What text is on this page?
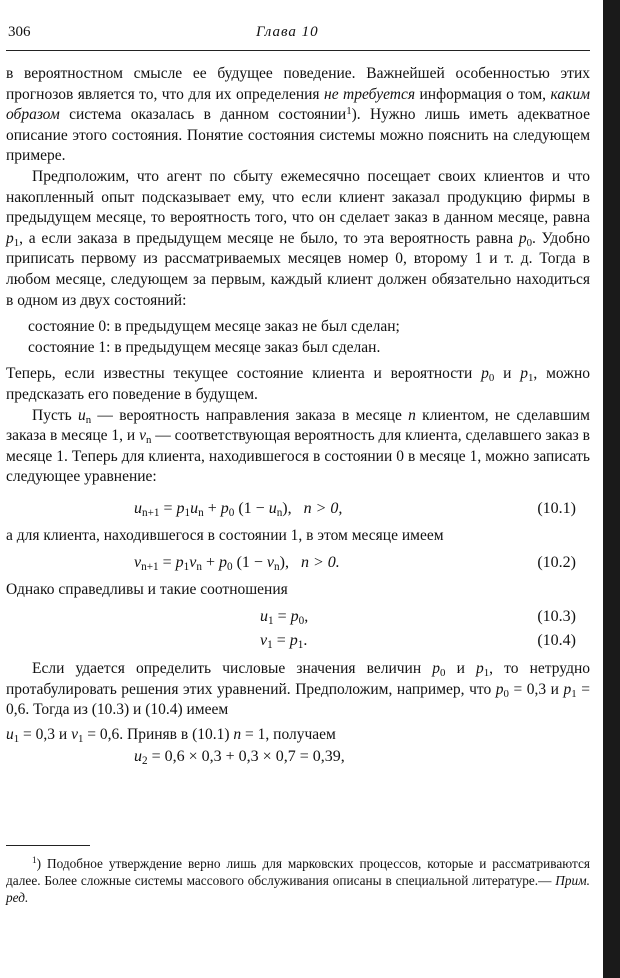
306	Глава 10

в вероятностном смысле ее будущее поведение. Важнейшей особенностью этих прогнозов является то, что для их определения не требуется информация о том, каким образом система оказалась в данном состоянии$^1$). Нужно лишь иметь адекватное описание этого состояния. Понятие состояния системы можно пояснить на следующем примере.

Предположим, что агент по сбыту ежемесячно посещает своих клиентов и что накопленный опыт подсказывает ему, что если клиент заказал продукцию фирмы в предыдущем месяце, то вероятность того, что он сделает заказ в данном месяце, равна $p_1$, а если заказа в предыдущем месяце не было, то эта вероятность равна $p_0$. Удобно приписать первому из рассматриваемых месяцев номер 0, второму 1 и т. д. Тогда в любом месяце, следующем за первым, каждый клиент должен обязательно находиться в одном из двух состояний:

состояние 0: в предыдущем месяце заказ не был сделан;

состояние 1: в предыдущем месяце заказ был сделан.

Теперь, если известны текущее состояние клиента и вероятности $p_0$ и $p_1$, можно предсказать его поведение в будущем.

Пусть $u_n$ — вероятность направления заказа в месяце n клиентом, не сделавшим заказа в месяце 1, и $v_n$ — соответствующая вероятность для клиента, сделавшего заказ в месяце 1. Теперь для клиента, находившегося в состоянии 0 в месяце 1, можно записать следующее уравнение:

$u_{n+1} = p_1u_n + p_0$ $(1 - u_n)$, n > 0,	(10.1)

а для клиента, находившегося в состоянии 1, в этом месяце имеем

$v_{n+1} = p_1v_n + p_0$ $(1 - v_n)$, n > 0.	(10.2)

Однако справедливы и такие соотношения

$u_1 = p_0$,	(10.3)
$v_1 = p_1$.	(10.4)

Если удается определить числовые значения величин $p_0$ и $p_1$, то нетрудно протабулировать решения этих уравнений. Предположим, например, что $p_0 = 0,3$ и $p_1 = 0,6$. Тогда из (10.3) и (10.4) имеем

$u_1 = 0,3$ и $v_1 = 0,6$. Приняв в (10.1) n = 1, получаем

$u_2 = 0,6 \times 0,3 + 0,3 \times 0,7 = 0,39$,

$^1$) Подобное утверждение верно лишь для марковских процессов, которые и рассматриваются далее. Более сложные системы массового обслуживания описаны в специальной литературе.— Прим. ред.
